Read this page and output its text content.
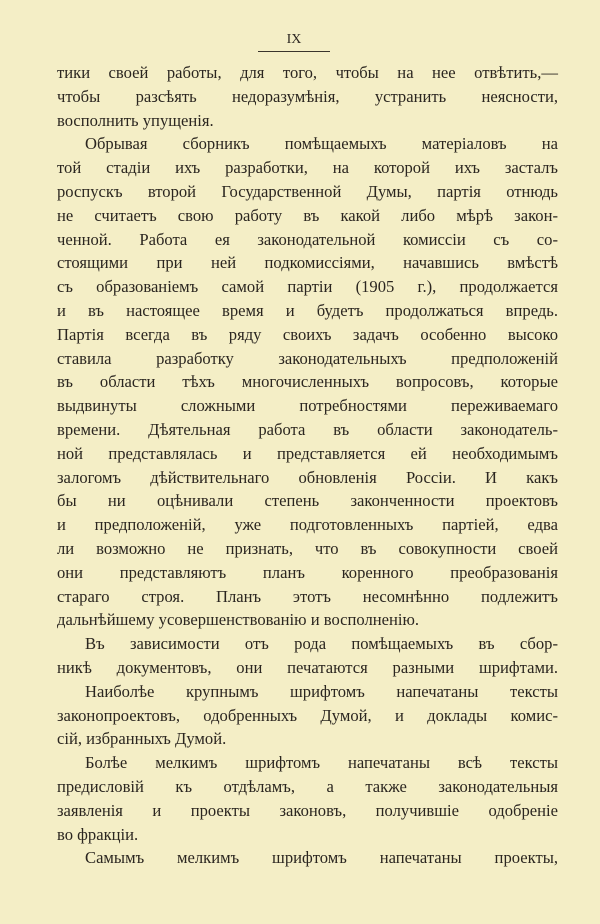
IX
тики своей работы, для того, чтобы на нее отвѣтить,—
чтобы разсѣять недоразумѣнія, устранить неясности,
восполнить упущенія.
Обрывая сборникъ помѣщаемыхъ матеріаловъ на
той стадіи ихъ разработки, на которой ихъ засталъ
роспускъ второй Государственной Думы, партія отнюдь
не считаетъ свою работу въ какой либо мѣрѣ закон-
ченной. Работа ея законодательной комиссіи съ со-
стоящими при ней подкомиссіями, начавшись вмѣстѣ
съ образованіемъ самой партіи (1905 г.), продолжается
и въ настоящее время и будетъ продолжаться впредь.
Партія всегда въ ряду своихъ задачъ особенно высоко
ставила разработку законодательныхъ предположеній
въ области тѣхъ многочисленныхъ вопросовъ, которые
выдвинуты сложными потребностями переживаемаго
времени. Дѣятельная работа въ области законодатель-
ной представлялась и представляется ей необходимымъ
залогомъ дѣйствительнаго обновленія Россіи. И какъ
бы ни оцѣнивали степень законченности проектовъ
и предположеній, уже подготовленныхъ партіей, едва
ли возможно не признать, что въ совокупности своей
они представляютъ планъ коренного преобразованія
стараго строя. Планъ этотъ несомнѣнно подлежитъ
дальнѣйшему усовершенствованію и восполненію.
Въ зависимости отъ рода помѣщаемыхъ въ сбор-
никѣ документовъ, они печатаются разными шрифтами.
Наиболѣе крупнымъ шрифтомъ напечатаны тексты
законопроектовъ, одобренныхъ Думой, и доклады комис-
сій, избранныхъ Думой.
Болѣе мелкимъ шрифтомъ напечатаны всѣ тексты
предисловій къ отдѣламъ, а также законодательныя
заявленія и проекты законовъ, получившіе одобреніе
во фракціи.
Самымъ мелкимъ шрифтомъ напечатаны проекты,
